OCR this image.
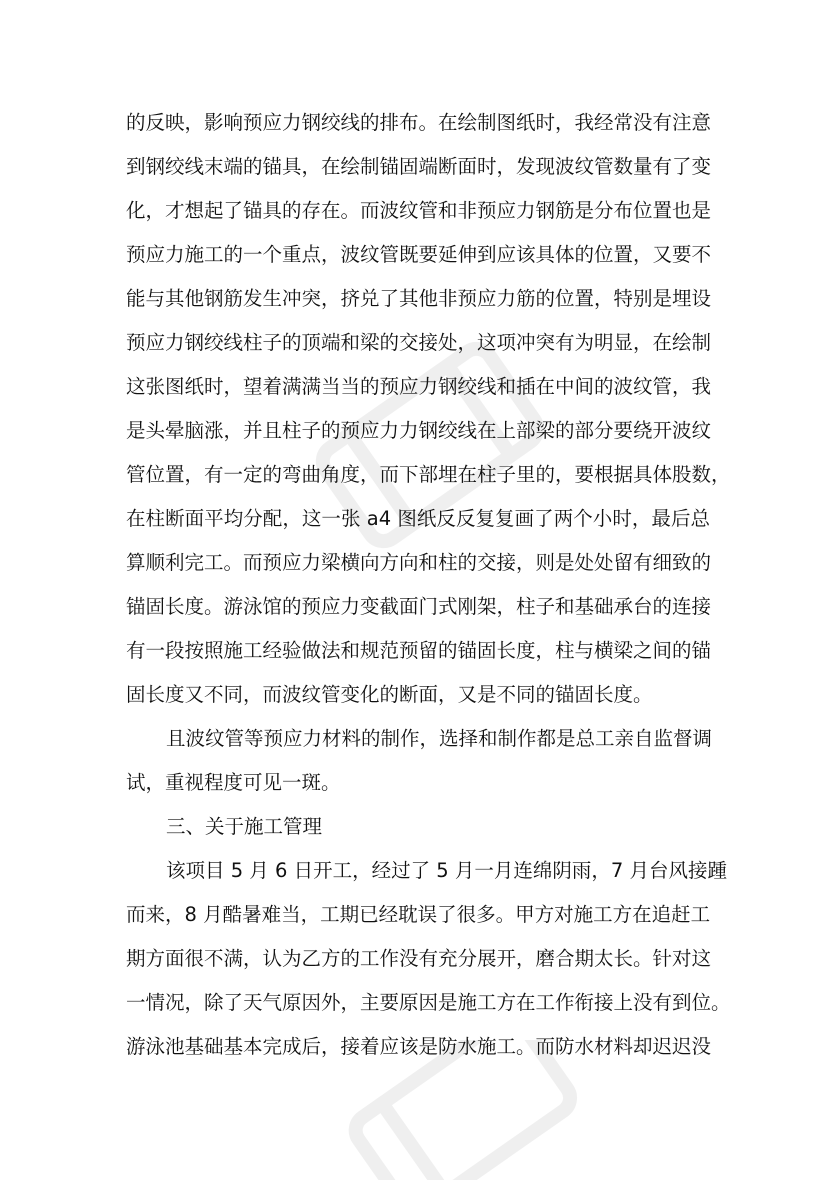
的反映，影响预应力钢绞线的排布。在绘制图纸时，我经常没有注意
到钢绞线末端的锚具，在绘制锚固端断面时，发现波纹管数量有了变
化，才想起了锚具的存在。而波纹管和非预应力钢筋是分布位置也是
预应力施工的一个重点，波纹管既要延伸到应该具体的位置，又要不
能与其他钢筋发生冲突，挤兑了其他非预应力筋的位置，特别是埋设
预应力钢绞线柱子的顶端和梁的交接处，这项冲突有为明显，在绘制
这张图纸时，望着满满当当的预应力钢绞线和插在中间的波纹管，我
是头晕脑涨，并且柱子的预应力力钢绞线在上部梁的部分要绕开波纹
管位置，有一定的弯曲角度，而下部埋在柱子里的，要根据具体股数，
在柱断面平均分配，这一张 a4 图纸反反复复画了两个小时，最后总
算顺利完工。而预应力梁横向方向和柱的交接，则是处处留有细致的
锚固长度。游泳馆的预应力变截面门式刚架，柱子和基础承台的连接
有一段按照施工经验做法和规范预留的锚固长度，柱与横梁之间的锚
固长度又不同，而波纹管变化的断面，又是不同的锚固长度。
且波纹管等预应力材料的制作，选择和制作都是总工亲自监督调
试，重视程度可见一斑。
三、关于施工管理
该项目 5 月 6 日开工，经过了 5 月一月连绵阴雨，7 月台风接踵
而来，8 月酷暑难当，工期已经耽误了很多。甲方对施工方在追赶工
期方面很不满，认为乙方的工作没有充分展开，磨合期太长。针对这
一情况，除了天气原因外，主要原因是施工方在工作衔接上没有到位。
游泳池基础基本完成后，接着应该是防水施工。而防水材料却迟迟没
